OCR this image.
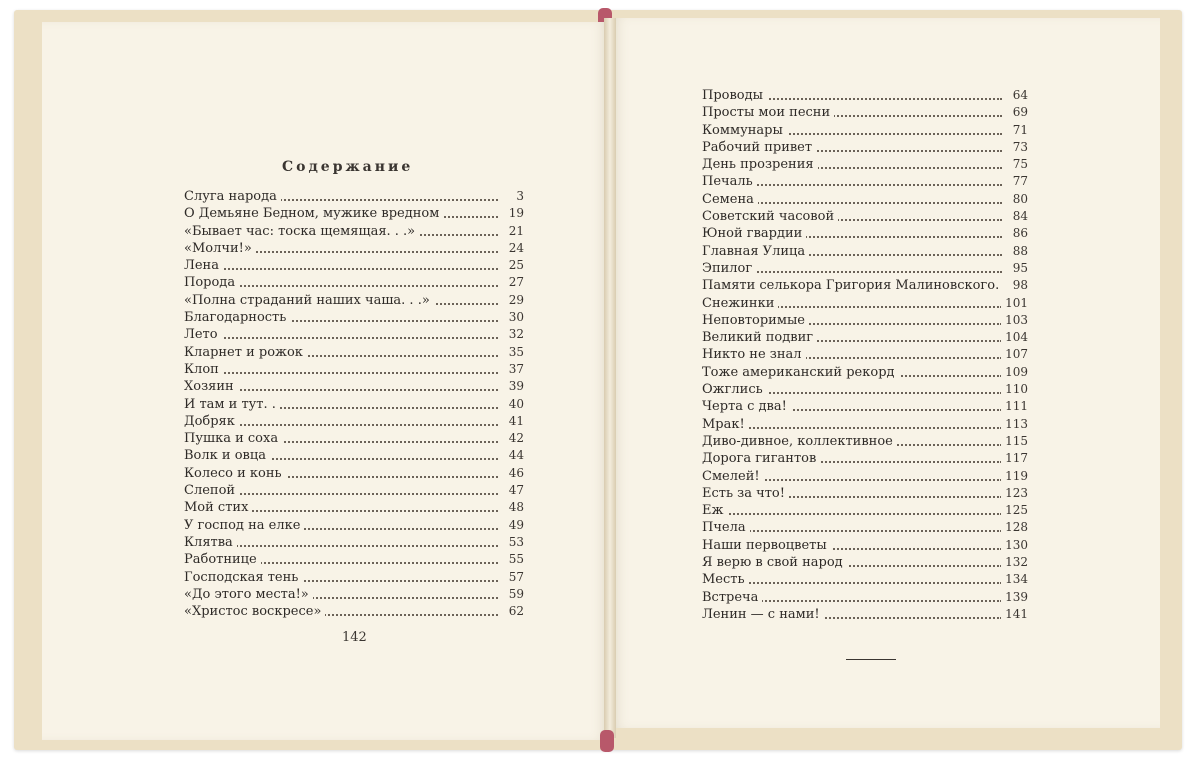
Содержание
Слуга народа	3
О Демьяне Бедном, мужике вредном	19
«Бывает час: тоска щемящая. . .»	21
«Молчи!»	24
Лена	25
Порода	27
«Полна страданий наших чаша. . .»	29
Благодарность	30
Лето	32
Кларнет и рожок	35
Клоп	37
Хозяин	39
И там и тут. .	40
Добряк	41
Пушка и соха	42
Волк и овца	44
Колесо и конь	46
Слепой	47
Мой стих	48
У господ на елке	49
Клятва	53
Работнице	55
Господская тень	57
«До этого места!»	59
«Христос воскресе»	62
Проводы	64
Просты мои песни	69
Коммунары	71
Рабочий привет	73
День прозрения	75
Печаль	77
Семена	80
Советский часовой	84
Юной гвардии	86
Главная Улица	88
Эпилог	95
Памяти селькора Григория Малиновского.	98
Снежинки	101
Неповторимые	103
Великий подвиг	104
Никто не знал	107
Тоже американский рекорд	109
Ожглись	110
Черта с два!	111
Мрак!	113
Диво-дивное, коллективное	115
Дорога гигантов	117
Смелей!	119
Есть за что!	123
Еж	125
Пчела	128
Наши первоцветы	130
Я верю в свой народ	132
Месть	134
Встреча	139
Ленин — с нами!	141
142
